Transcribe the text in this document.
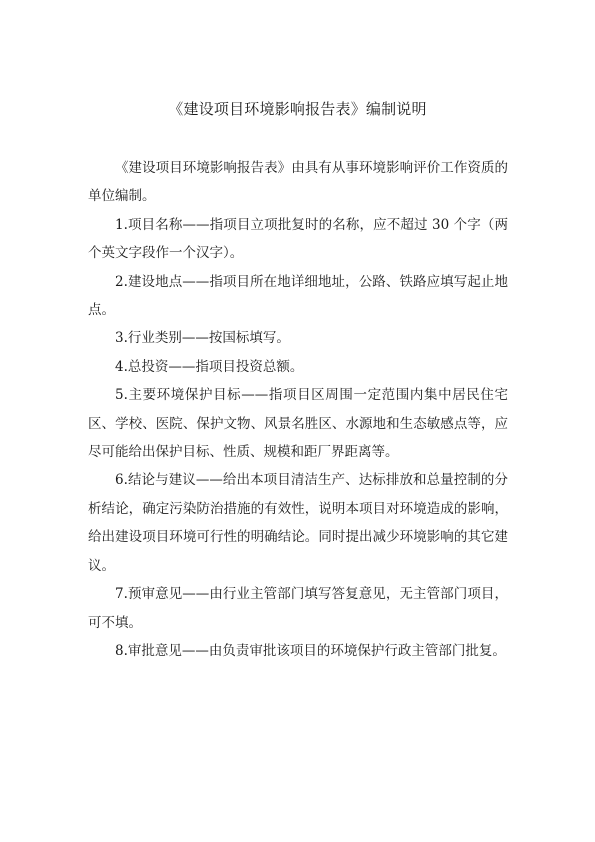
《建设项目环境影响报告表》编制说明

《建设项目环境影响报告表》由具有从事环境影响评价工作资质的单位编制。

1.项目名称——指项目立项批复时的名称，应不超过 30 个字（两个英文字段作一个汉字）。

2.建设地点——指项目所在地详细地址，公路、铁路应填写起止地点。

3.行业类别——按国标填写。

4.总投资——指项目投资总额。

5.主要环境保护目标——指项目区周围一定范围内集中居民住宅区、学校、医院、保护文物、风景名胜区、水源地和生态敏感点等，应尽可能给出保护目标、性质、规模和距厂界距离等。

6.结论与建议——给出本项目清洁生产、达标排放和总量控制的分析结论，确定污染防治措施的有效性，说明本项目对环境造成的影响，给出建设项目环境可行性的明确结论。同时提出减少环境影响的其它建议。

7.预审意见——由行业主管部门填写答复意见，无主管部门项目，可不填。

8.审批意见——由负责审批该项目的环境保护行政主管部门批复。
